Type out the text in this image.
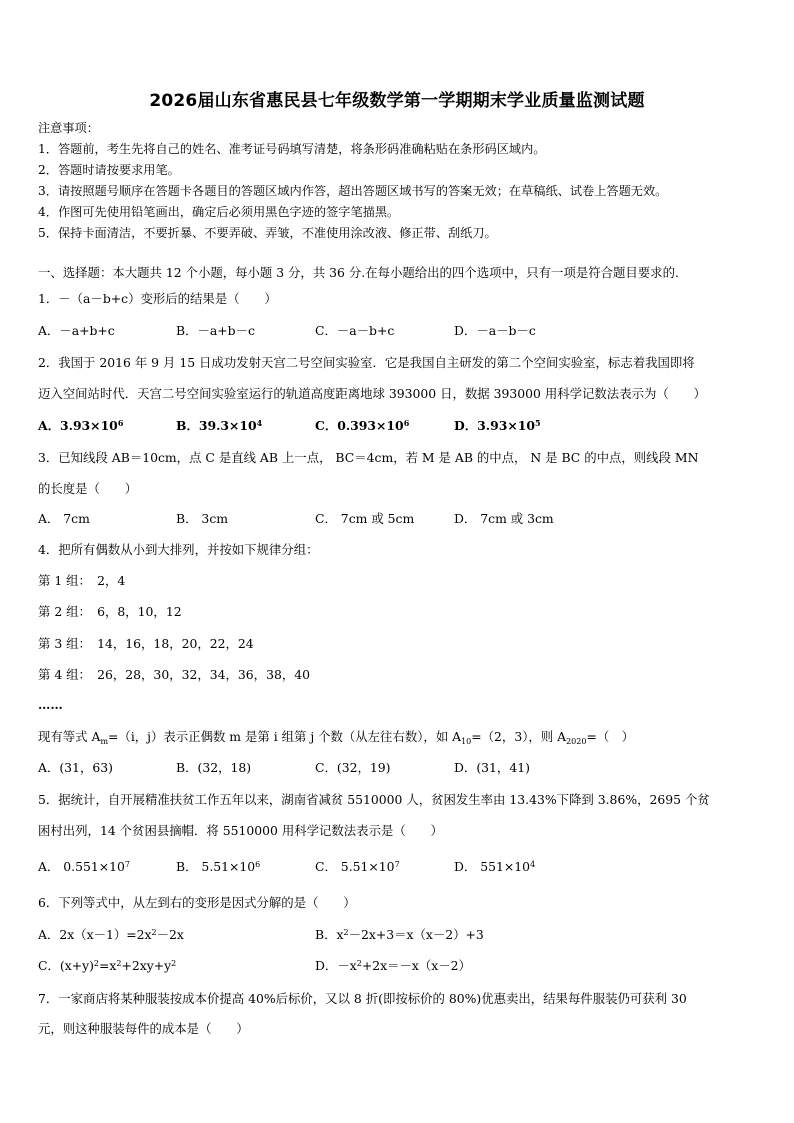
2026届山东省惠民县七年级数学第一学期期末学业质量监测试题
注意事项：
1．答题前，考生先将自己的姓名、准考证号码填写清楚，将条形码准确粘贴在条形码区域内。
2．答题时请按要求用笔。
3．请按照题号顺序在答题卡各题目的答题区域内作答，超出答题区域书写的答案无效；在草稿纸、试卷上答题无效。
4．作图可先使用铅笔画出，确定后必须用黑色字迹的签字笔描黑。
5．保持卡面清洁，不要折暴、不要弄破、弄皱，不准使用涂改液、修正带、刮纸刀。
一、选择题：本大题共 12 个小题，每小题 3 分，共 36 分.在每小题给出的四个选项中，只有一项是符合题目要求的.
1．－（a－b+c）变形后的结果是（　　）
A．－a+b+c	B．－a+b－c	C．－a－b+c	D．－a－b－c
2．我国于 2016 年 9 月 15 日成功发射天宫二号空间实验室．它是我国自主研发的第二个空间实验室，标志着我国即将
迈入空间站时代．天宫二号空间实验室运行的轨道高度距离地球 393000 日，数据 393000 用科学记数法表示为（　　）
A．$3.93\times 10^6$	B．$39.3\times 10^4$	C．$0.393\times 10^6$	D．$3.93\times 10^5$
3．已知线段 AB＝10cm，点 C 是直线 AB 上一点， BC＝4cm，若 M 是 AB 的中点， N 是 BC 的中点，则线段 MN
的长度是（　　）
A． 7cm	B． 3cm	C． 7cm 或 5cm	D． 7cm 或 3cm
4．把所有偶数从小到大排列，并按如下规律分组：
第 1 组：　2，4
第 2 组：　6，8，10，12
第 3 组：　14，16，18，20，22，24
第 4 组：　26，28，30，32，34，36，38，40
……
现有等式 $A_m=(i$，j）表示正偶数 m 是第 i 组第 j 个数（从左往右数），如 $A_{10}=(2$，3），则 $A_{2020}=$（　）
A．(31，63)	B．(32，18)	C．(32，19)	D．(31，41)
5．据统计，自开展精准扶贫工作五年以来，湖南省减贫 5510000 人，贫困发生率由 13.43%下降到 3.86%，2695 个贫
困村出列，14 个贫困县摘帽．将 5510000 用科学记数法表示是（　　）
A． $0.551\times 10^7$	B． $5.51\times 10^6$	C． $5.51\times 10^7$	D． $551\times 10^4$
6．下列等式中，从左到右的变形是因式分解的是（　　）
A．$2x(x-1)=2x^2-2x$	B．$x^2-2x+3=x(x-2)+3$
C．$(x+y)^2=x^2+2xy+y^2$	D．$-x^2+2x=-x(x-2)$
7．一家商店将某种服装按成本价提高 40%后标价，又以 8 折(即按标价的 80%)优惠卖出，结果每件服装仍可获利 30
元，则这种服装每件的成本是（　　）
